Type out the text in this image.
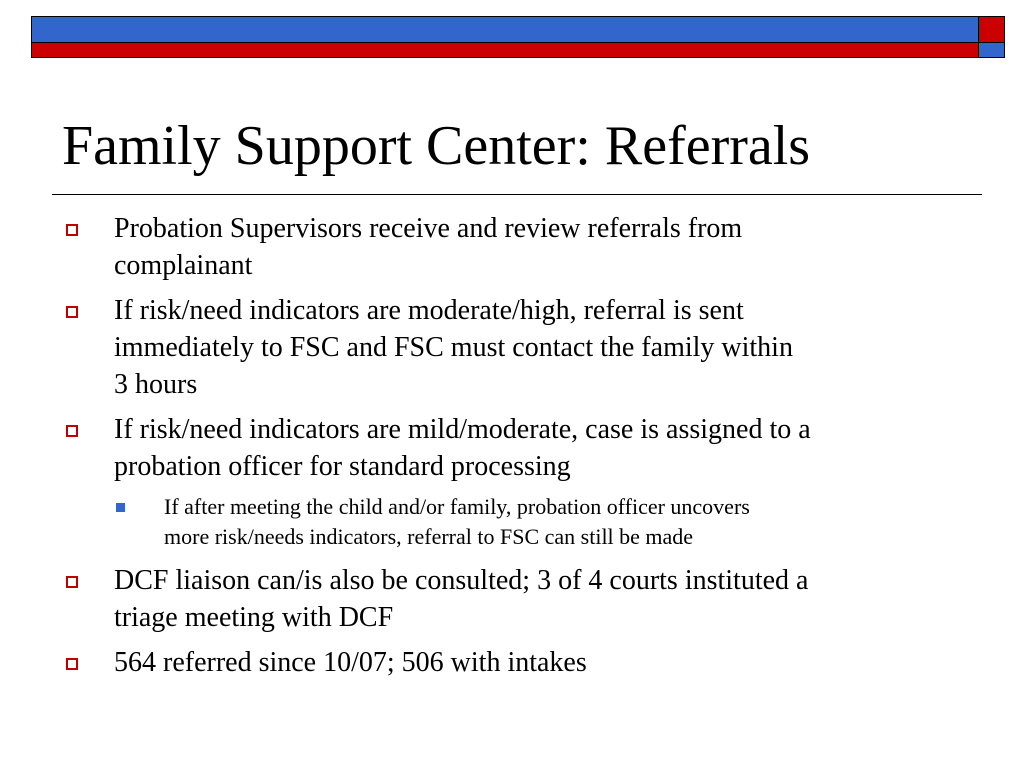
Family Support Center: Referrals
Probation Supervisors receive and review referrals from
complainant
If risk/need indicators are moderate/high, referral is sent
immediately to FSC and FSC must contact the family within
3 hours
If risk/need indicators are mild/moderate, case is assigned to a
probation officer for standard processing
If after meeting the child and/or family, probation officer uncovers
more risk/needs indicators, referral to FSC can still be made
DCF liaison can/is also be consulted; 3 of 4 courts instituted a
triage meeting with DCF
564 referred since 10/07; 506 with intakes
